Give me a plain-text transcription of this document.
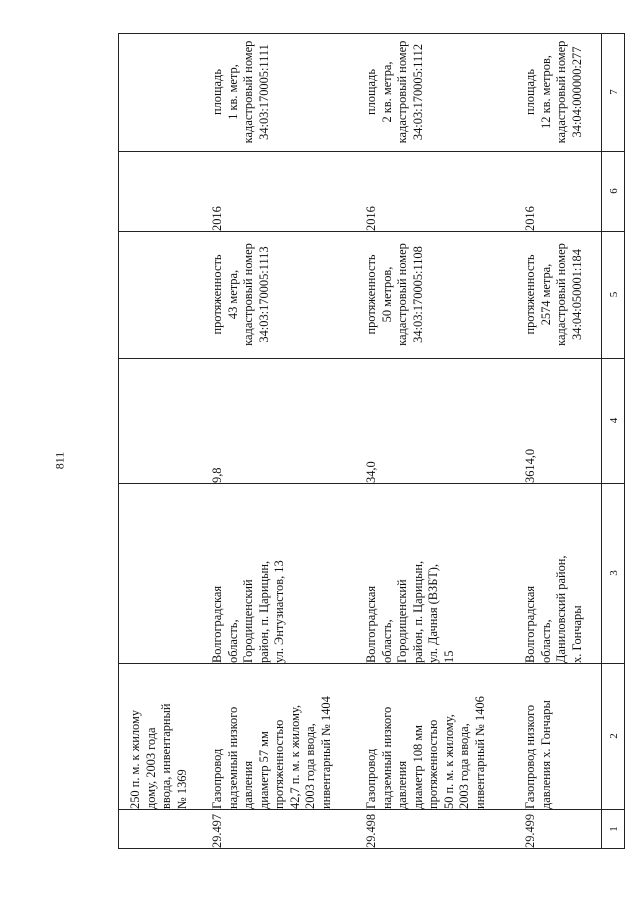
811
7
6
5
4
3
2
1
250 п. м. к жилому
дому, 2003 года
ввода, инвентарный
№ 1369
29.497
Газопровод
надземный низкого
давления
диаметр 57 мм
протяженностью
42,7 п. м. к жилому,
2003 года ввода,
инвентарный № 1404
Волгоградская
область,
Городищенский
район, п. Царицын,
ул. Энтузиастов, 13
9,8
протяженность
43 метра,
кадастровый номер
34:03:170005:1113
2016
площадь
1 кв. метр,
кадастровый номер
34:03:170005:1111
29.498
Газопровод
надземный низкого
давления
диаметр 108 мм
протяженностью
50 п. м. к жилому,
2003 года ввода,
инвентарный № 1406
Волгоградская
область,
Городищенский
район, п. Царицын,
ул. Дачная (ВЗБТ),
15
34,0
протяженность
50 метров,
кадастровый номер
34:03:170005:1108
2016
площадь
2 кв. метра,
кадастровый номер
34:03:170005:1112
29.499
Газопровод низкого
давления х. Гончары
Волгоградская
область,
Даниловский район,
х. Гончары
3614,0
протяженность
2574 метра,
кадастровый номер
34:04:050001:184
2016
площадь
12 кв. метров,
кадастровый номер
34:04:000000:277
